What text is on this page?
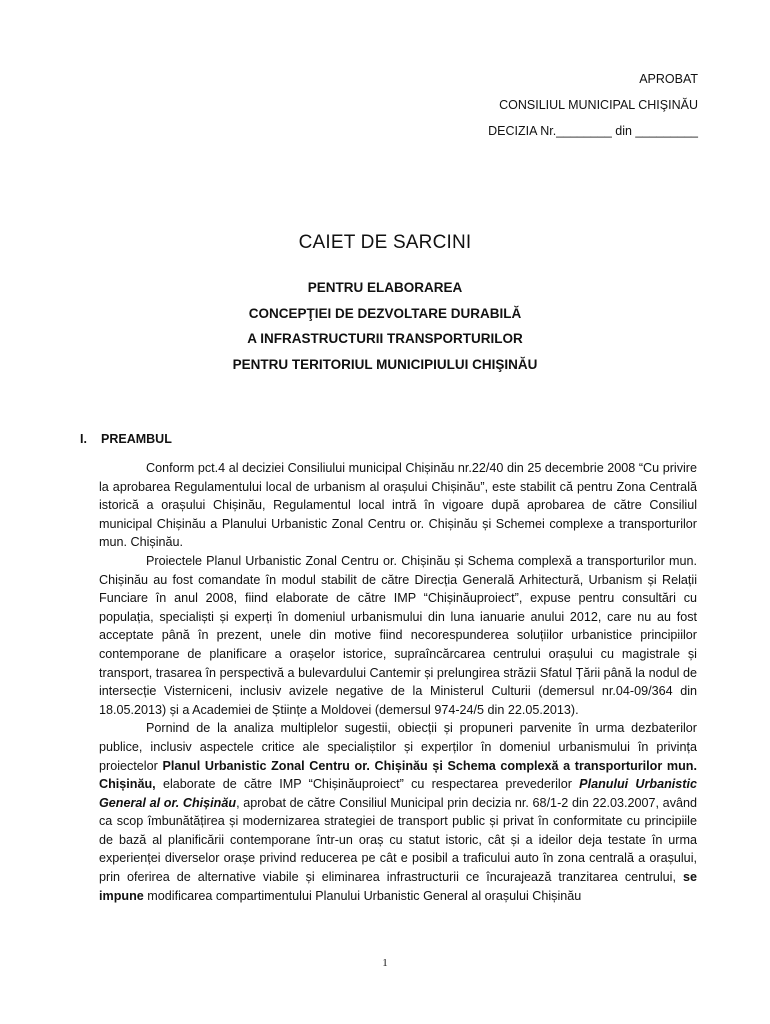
APROBAT
CONSILIUL MUNICIPAL CHIŞINĂU
DECIZIA Nr.________ din _________
CAIET DE SARCINI
PENTRU ELABORAREA
CONCEPŢIEI DE DEZVOLTARE DURABILĂ
A INFRASTRUCTURII TRANSPORTURILOR
PENTRU TERITORIUL MUNICIPIULUI CHIŞINĂU
I. PREAMBUL

Conform pct.4 al deciziei Consiliului municipal Chișinău nr.22/40 din 25 decembrie 2008 “Cu privire la aprobarea Regulamentului local de urbanism al orașului Chișinău”, este stabilit că pentru Zona Centrală istorică a orașului Chișinău, Regulamentul local intră în vigoare după aprobarea de către Consiliul municipal Chișinău a Planului Urbanistic Zonal Centru or. Chișinău și Schemei complexe a transporturilor mun. Chișinău.

Proiectele Planul Urbanistic Zonal Centru or. Chișinău și Schema complexă a transporturilor mun. Chișinău au fost comandate în modul stabilit de către Direcția Generală Arhitectură, Urbanism și Relații Funciare în anul 2008, fiind elaborate de către IMP “Chișinăuproiect”, expuse pentru consultări cu populația, specialiști și experți în domeniul urbanismului din luna ianuarie anului 2012, care nu au fost acceptate până în prezent, unele din motive fiind necorespunderea soluțiilor urbanistice principiilor contemporane de planificare a orașelor istorice, supraîncărcarea centrului orașului cu magistrale și transport, trasarea în perspectivă a bulevardului Cantemir și prelungirea străzii Sfatul Țării până la nodul de intersecție Visterniceni, inclusiv avizele negative de la Ministerul Culturii (demersul nr.04-09/364 din 18.05.2013) și a Academiei de Științe a Moldovei (demersul 974-24/5 din 22.05.2013).

Pornind de la analiza multiplelor sugestii, obiecții și propuneri parvenite în urma dezbaterilor publice, inclusiv aspectele critice ale specialiștilor și experților în domeniul urbanismului în privința proiectelor Planul Urbanistic Zonal Centru or. Chișinău și Schema complexă a transporturilor mun. Chișinău, elaborate de către IMP “Chișinăuproiect” cu respectarea prevederilor Planului Urbanistic General al or. Chișinău, aprobat de către Consiliul Municipal prin decizia nr. 68/1-2 din 22.03.2007, având ca scop îmbunătățirea și modernizarea strategiei de transport public și privat în conformitate cu principiile de bază al planificării contemporane într-un oraș cu statut istoric, cât și a ideilor deja testate în urma experienței diverselor orașe privind reducerea pe cât e posibil a traficului auto în zona centrală a orașului, prin oferirea de alternative viabile și eliminarea infrastructurii ce încurajează tranzitarea centrului, se impune modificarea compartimentului Planului Urbanistic General al orașului Chișinău

1
